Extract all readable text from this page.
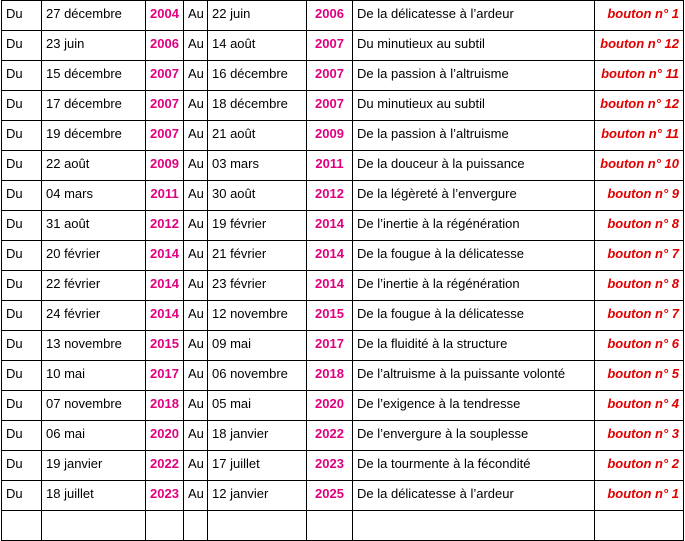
Du	27 décembre	2004	Au	22 juin	2006	De la délicatesse à l’ardeur	bouton n° 1
Du	23 juin	2006	Au	14 août	2007	Du minutieux au subtil	bouton n° 12
Du	15 décembre	2007	Au	16 décembre	2007	De la passion à l’altruisme	bouton n° 11
Du	17 décembre	2007	Au	18 décembre	2007	Du minutieux au subtil	bouton n° 12
Du	19 décembre	2007	Au	21 août	2009	De la passion à l’altruisme	bouton n° 11
Du	22 août	2009	Au	03 mars	2011	De la douceur à la puissance	bouton n° 10
Du	04 mars	2011	Au	30 août	2012	De la légèreté à l’envergure	bouton n° 9
Du	31 août	2012	Au	19 février	2014	De l’inertie à la régénération	bouton n° 8
Du	20 février	2014	Au	21 février	2014	De la fougue à la délicatesse	bouton n° 7
Du	22 février	2014	Au	23 février	2014	De l’inertie à la régénération	bouton n° 8
Du	24 février	2014	Au	12 novembre	2015	De la fougue à la délicatesse	bouton n° 7
Du	13 novembre	2015	Au	09 mai	2017	De la fluidité à la structure	bouton n° 6
Du	10 mai	2017	Au	06 novembre	2018	De l’altruisme à la puissante volonté	bouton n° 5
Du	07 novembre	2018	Au	05 mai	2020	De l’exigence à la tendresse	bouton n° 4
Du	06 mai	2020	Au	18 janvier	2022	De l’envergure à la souplesse	bouton n° 3
Du	19 janvier	2022	Au	17 juillet	2023	De la tourmente à la fécondité	bouton n° 2
Du	18 juillet	2023	Au	12 janvier	2025	De la délicatesse à l’ardeur	bouton n° 1
